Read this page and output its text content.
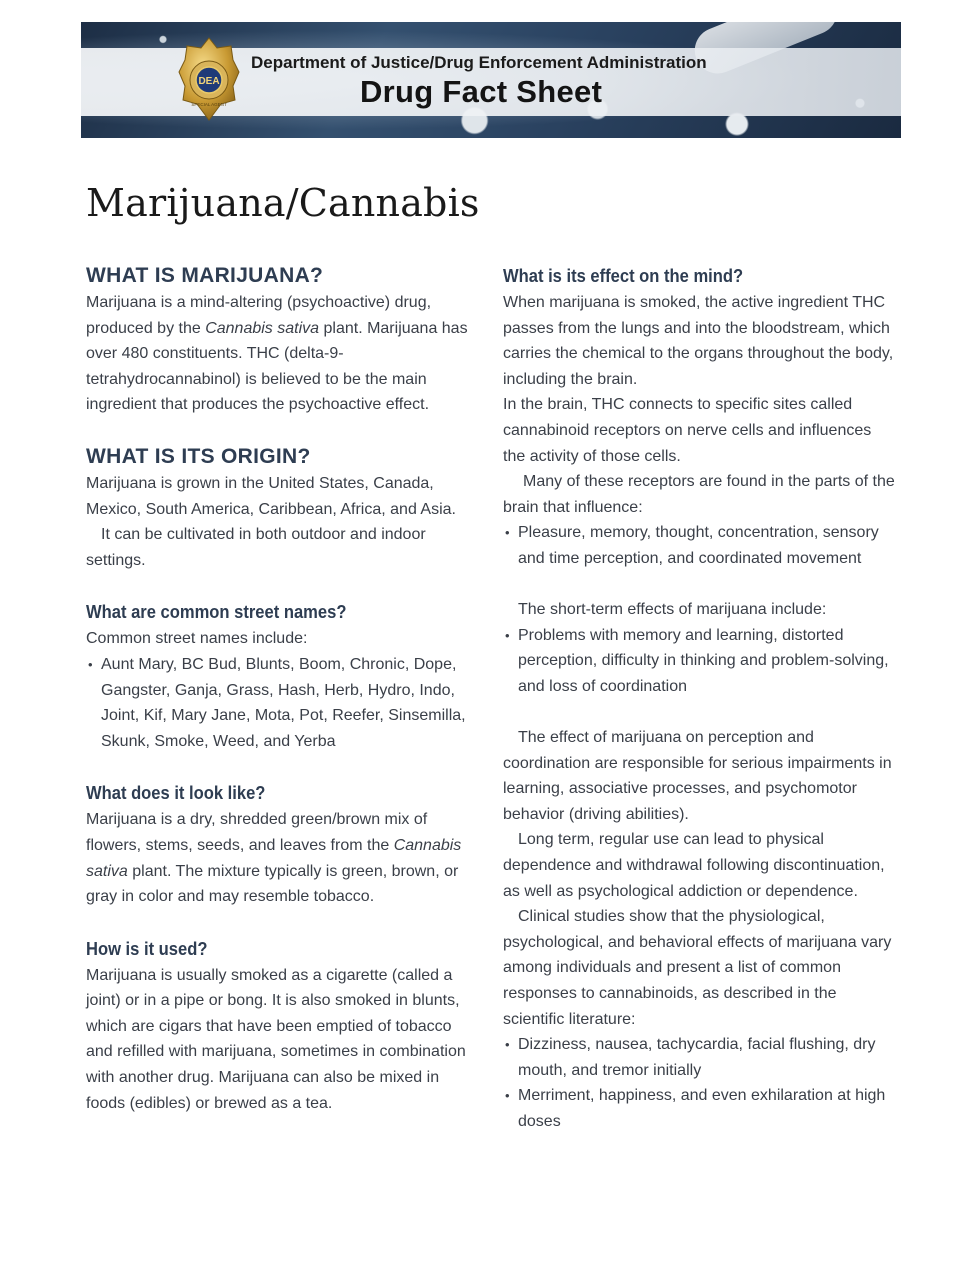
DEA
SPECIAL AGENT
Department of Justice/Drug Enforcement Administration
Drug Fact Sheet
Marijuana/Cannabis
WHAT IS MARIJUANA?

Marijuana is a mind-altering (psychoactive) drug, produced by the Cannabis sativa plant. Marijuana has over 480 constituents. THC (delta-9-tetrahydrocannabinol) is believed to be the main ingredient that produces the psychoactive effect.

WHAT IS ITS ORIGIN?

Marijuana is grown in the United States, Canada, Mexico, South America, Caribbean, Africa, and Asia.

It can be cultivated in both outdoor and indoor settings.

What are common street names?

Common street names include:

• Aunt Mary, BC Bud, Blunts, Boom, Chronic, Dope, Gangster, Ganja, Grass, Hash, Herb, Hydro, Indo, Joint, Kif, Mary Jane, Mota, Pot, Reefer, Sinsemilla, Skunk, Smoke, Weed, and Yerba
What does it look like?

Marijuana is a dry, shredded green/brown mix of flowers, stems, seeds, and leaves from the Cannabis sativa plant. The mixture typically is green, brown, or gray in color and may resemble tobacco.

How is it used?

Marijuana is usually smoked as a cigarette (called a joint) or in a pipe or bong. It is also smoked in blunts, which are cigars that have been emptied of tobacco and refilled with marijuana, sometimes in combination with another drug. Marijuana can also be mixed in foods (edibles) or brewed as a tea.

What is its effect on the mind?

When marijuana is smoked, the active ingredient THC passes from the lungs and into the bloodstream, which carries the chemical to the organs throughout the body, including the brain.

In the brain, THC connects to specific sites called cannabinoid receptors on nerve cells and influences the activity of those cells.

Many of these receptors are found in the parts of the brain that influence:

• Pleasure, memory, thought, concentration, sensory and time perception, and coordinated movement

The short-term effects of marijuana include:

• Problems with memory and learning, distorted perception, difficulty in thinking and problem-solving, and loss of coordination

The effect of marijuana on perception and coordination are responsible for serious impairments in learning, associative processes, and psychomotor behavior (driving abilities).

Long term, regular use can lead to physical dependence and withdrawal following discontinuation, as well as psychological addiction or dependence.

Clinical studies show that the physiological, psychological, and behavioral effects of marijuana vary among individuals and present a list of common responses to cannabinoids, as described in the scientific literature:

• Dizziness, nausea, tachycardia, facial flushing, dry mouth, and tremor initially
• Merriment, happiness, and even exhilaration at high doses
